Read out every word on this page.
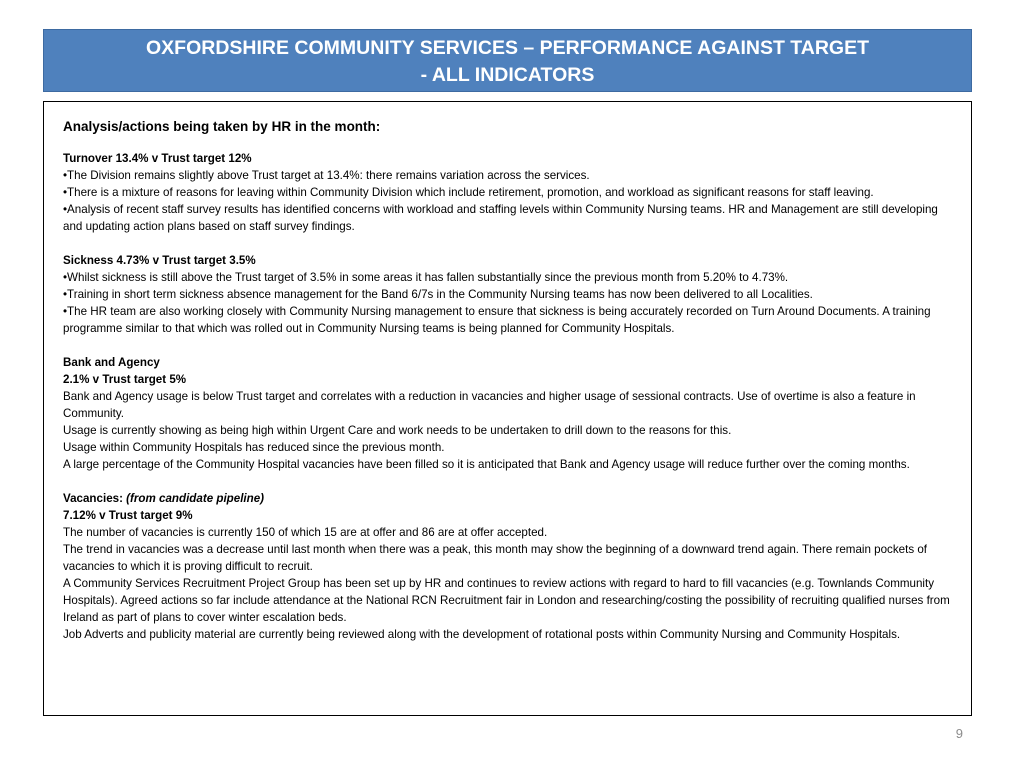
OXFORDSHIRE COMMUNITY SERVICES – PERFORMANCE AGAINST TARGET
- ALL INDICATORS

Analysis/actions being taken by HR in the month:

Turnover 13.4% v Trust target 12%

•The Division remains slightly above Trust target at 13.4%: there remains variation across the services.

•There is a mixture of reasons for leaving within Community Division which include retirement, promotion, and workload as significant reasons for staff leaving.

•Analysis of recent staff survey results has identified concerns with workload and staffing levels within Community Nursing teams. HR and Management are still developing and updating action plans based on staff survey findings.

Sickness 4.73% v Trust target 3.5%

•Whilst sickness is still above the Trust target of 3.5% in some areas it has fallen substantially since the previous month from 5.20% to 4.73%.

•Training in short term sickness absence management for the Band 6/7s in the Community Nursing teams has now been delivered to all Localities.

•The HR team are also working closely with Community Nursing management to ensure that sickness is being accurately recorded on Turn Around Documents. A training programme similar to that which was rolled out in Community Nursing teams is being planned for Community Hospitals.

Bank and Agency

2.1% v Trust target 5%

Bank and Agency usage is below Trust target and correlates with a reduction in vacancies and higher usage of sessional contracts. Use of overtime is also a feature in Community.

Usage is currently showing as being high within Urgent Care and work needs to be undertaken to drill down to the reasons for this.

Usage within Community Hospitals has reduced since the previous month.

A large percentage of the Community Hospital vacancies have been filled so it is anticipated that Bank and Agency usage will reduce further over the coming months.

Vacancies: (from candidate pipeline)

7.12% v Trust target 9%

The number of vacancies is currently 150 of which 15 are at offer and 86 are at offer accepted.

The trend in vacancies was a decrease until last month when there was a peak, this month may show the beginning of a downward trend again. There remain pockets of vacancies to which it is proving difficult to recruit.

A Community Services Recruitment Project Group has been set up by HR and continues to review actions with regard to hard to fill vacancies (e.g. Townlands Community Hospitals). Agreed actions so far include attendance at the National RCN Recruitment fair in London and researching/costing the possibility of recruiting qualified nurses from Ireland as part of plans to cover winter escalation beds.

Job Adverts and publicity material are currently being reviewed along with the development of rotational posts within Community Nursing and Community Hospitals.

9
